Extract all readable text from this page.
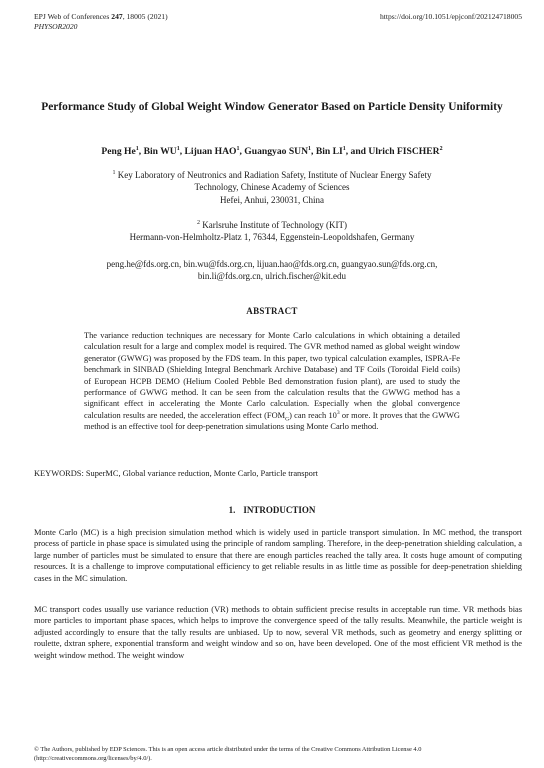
EPJ Web of Conferences 247, 18005 (2021)
PHYSOR2020
https://doi.org/10.1051/epjconf/202124718005
Performance Study of Global Weight Window Generator Based on Particle Density Uniformity
Peng He$^1$, Bin $WU^1$, Lijuan HAO$^1$, Guangyao SUN$^1$, Bin $LI^1$, and Ulrich FISCHER$^2$
$^1$ Key Laboratory of Neutronics and Radiation Safety, Institute of Nuclear Energy Safety
Technology, Chinese Academy of Sciences
Hefei, Anhui, 230031, China
$^2$ Karlsruhe Institute of Technology (KIT)
Hermann-von-Helmholtz-Platz 1, 76344, Eggenstein-Leopoldshafen, Germany
peng.he@fds.org.cn, bin.wu@fds.org.cn, lijuan.hao@fds.org.cn, guangyao.sun@fds.org.cn,
bin.li@fds.org.cn, ulrich.fischer@kit.edu
ABSTRACT
The variance reduction techniques are necessary for Monte Carlo calculations in which obtaining a detailed calculation result for a large and complex model is required. The GVR method named as global weight window generator (GWWG) was proposed by the FDS team. In this paper, two typical calculation examples, ISPRA-Fe benchmark in SINBAD (Shielding Integral Benchmark Archive Database) and TF Coils (Toroidal Field coils) of European HCPB DEMO (Helium Cooled Pebble Bed demonstration fusion plant), are used to study the performance of GWWG method. It can be seen from the calculation results that the GWWG method has a significant effect in accelerating the Monte Carlo calculation. Especially when the global convergence calculation results are needed, the acceleration effect $(FOM_G)$ can reach $10^3$ or more. It proves that the GWWG method is an effective tool for deep-penetration simulations using Monte Carlo method.
KEYWORDS: SuperMC, Global variance reduction, Monte Carlo, Particle transport
1. INTRODUCTION
Monte Carlo (MC) is a high precision simulation method which is widely used in particle transport simulation. In MC method, the transport process of particle in phase space is simulated using the principle of random sampling. Therefore, in the deep-penetration shielding calculation, a large number of particles must be simulated to ensure that there are enough particles reached the tally area. It costs huge amount of computing resources. It is a challenge to improve computational efficiency to get reliable results in as little time as possible for deep-penetration shielding cases in the MC simulation.
MC transport codes usually use variance reduction (VR) methods to obtain sufficient precise results in acceptable run time. VR methods bias more particles to important phase spaces, which helps to improve the convergence speed of the tally results. Meanwhile, the particle weight is adjusted accordingly to ensure that the tally results are unbiased. Up to now, several VR methods, such as geometry and energy splitting or roulette, dxtran sphere, exponential transform and weight window and so on, have been developed. One of the most efficient VR method is the weight window method. The weight window
© The Authors, published by EDP Sciences. This is an open access article distributed under the terms of the Creative Commons Attribution License 4.0
(http://creativecommons.org/licenses/by/4.0/).
